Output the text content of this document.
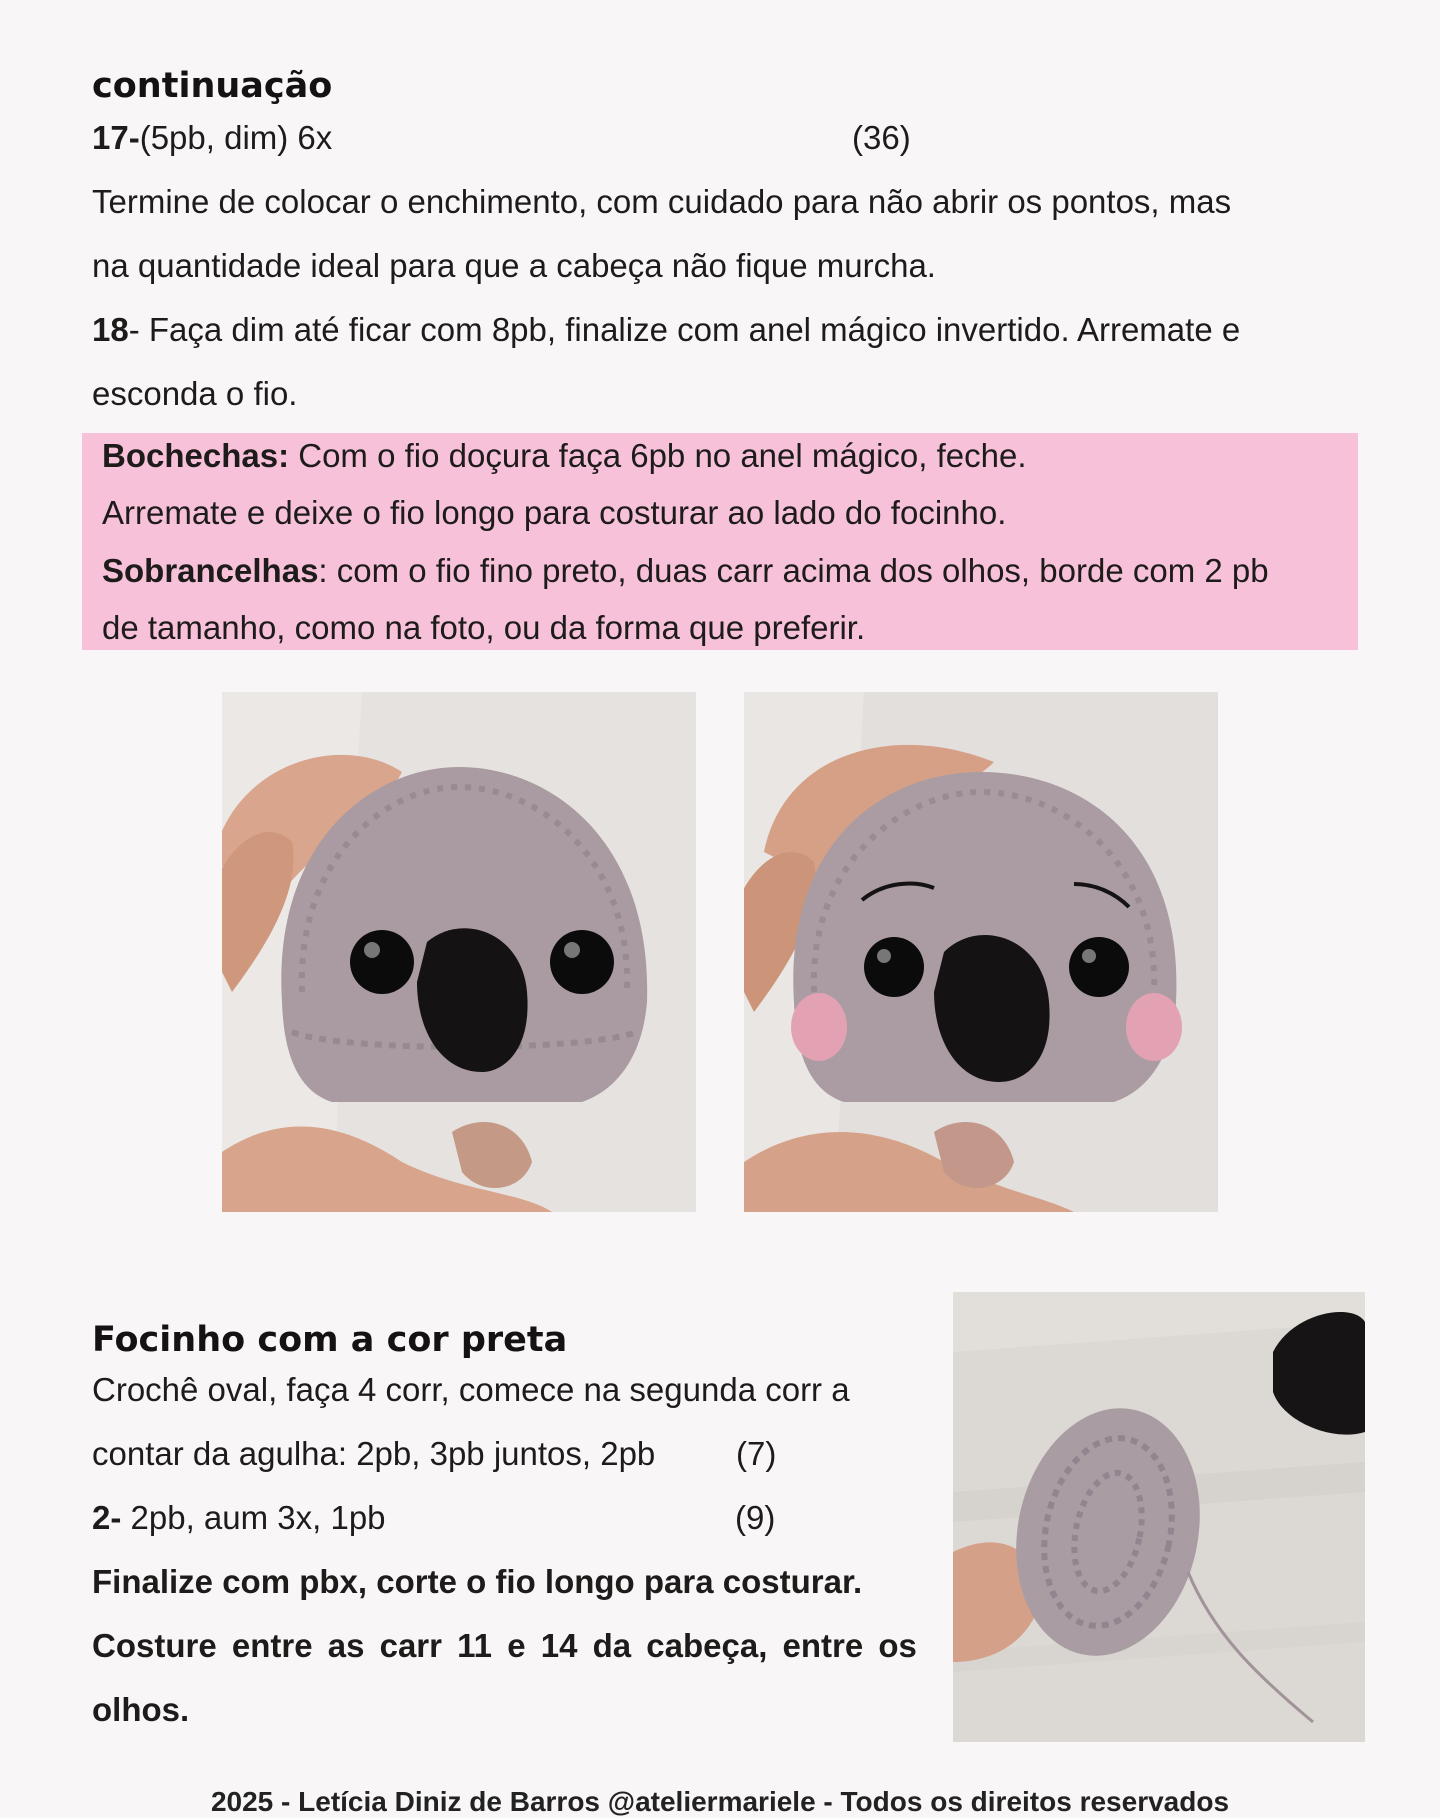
continuação
17-(5pb, dim) 6x	(36)
Termine de colocar o enchimento, com cuidado para não abrir os pontos, mas
na quantidade ideal para que a cabeça não fique murcha.
18- Faça dim até ficar com 8pb, finalize com anel mágico invertido. Arremate e
esconda o fio.
Bochechas: Com o fio doçura faça 6pb no anel mágico, feche.
Arremate e deixe o fio longo para costurar ao lado do focinho.
Sobrancelhas: com o fio fino preto, duas carr acima dos olhos, borde com 2 pb
de tamanho, como na foto, ou da forma que preferir.
Focinho com a cor preta
Crochê oval, faça 4 corr, comece na segunda corr a
contar da agulha: 2pb, 3pb juntos, 2pb (7)
2- 2pb, aum 3x, 1pb	(9)
Finalize com pbx, corte o fio longo para costurar.
Costure entre as carr 11 e 14 da cabeça, entre os
olhos.
2025 - Letícia Diniz de Barros @ateliermariele - Todos os direitos reservados
